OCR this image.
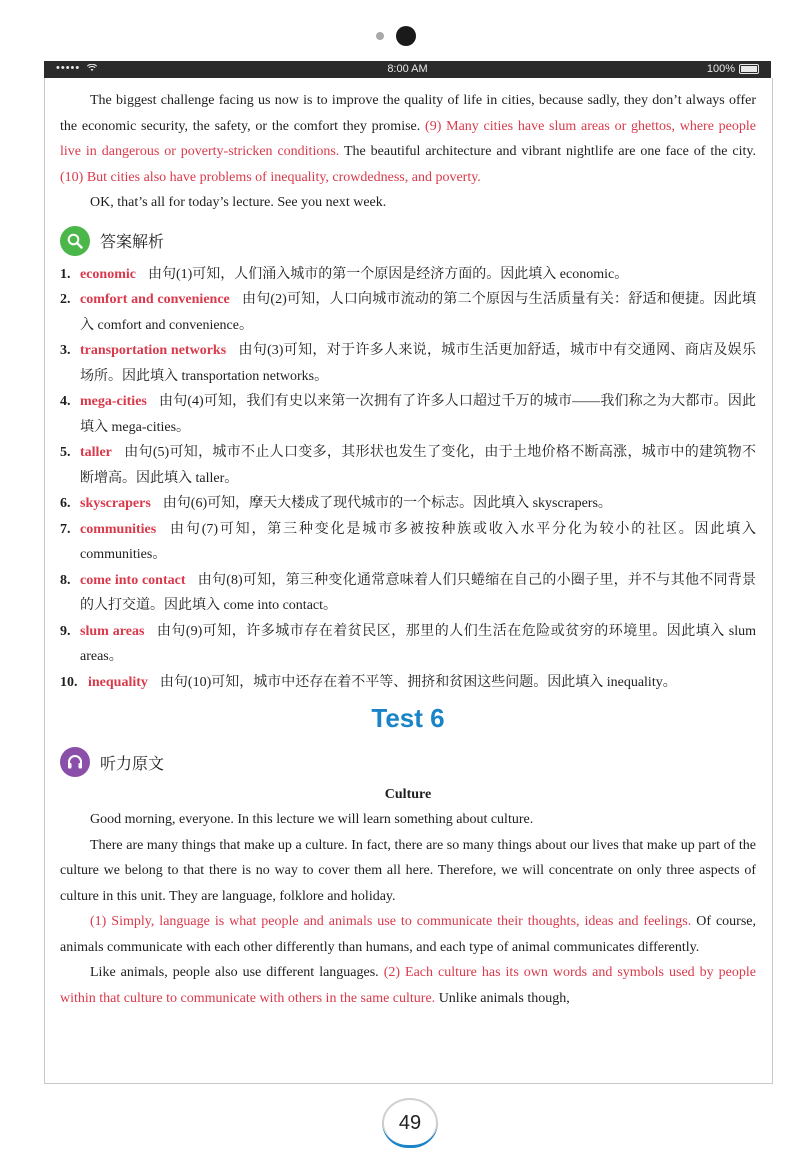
•••••	8:00 AM	100%

The biggest challenge facing us now is to improve the quality of life in cities, because sadly, they don’t always offer the economic security, the safety, or the comfort they promise. (9) Many cities have slum areas or ghettos, where people live in dangerous or poverty-stricken conditions. The beautiful architecture and vibrant nightlife are one face of the city. (10) But cities also have problems of inequality, crowdedness, and poverty.

OK, that’s all for today’s lecture. See you next week.

答案解析
1. economic 由句(1)可知，人们涌入城市的第一个原因是经济方面的。因此填入 economic。
2. comfort and convenience 由句(2)可知，人口向城市流动的第二个原因与生活质量有关：舒适和便捷。因此填入 comfort and convenience。
3. transportation networks 由句(3)可知，对于许多人来说，城市生活更加舒适，城市中有交通网、商店及娱乐场所。因此填入 transportation networks。
4. mega-cities 由句(4)可知，我们有史以来第一次拥有了许多人口超过千万的城市——我们称之为大都市。因此填入 mega-cities。
5. taller 由句(5)可知，城市不止人口变多，其形状也发生了变化，由于土地价格不断高涨，城市中的建筑物不断增高。因此填入 taller。
6. skyscrapers 由句(6)可知，摩天大楼成了现代城市的一个标志。因此填入 skyscrapers。
7. communities 由句(7)可知，第三种变化是城市多被按种族或收入水平分化为较小的社区。因此填入 communities。
8. come into contact 由句(8)可知，第三种变化通常意味着人们只蜷缩在自己的小圈子里，并不与其他不同背景的人打交道。因此填入 come into contact。
9. slum areas 由句(9)可知，许多城市存在着贫民区，那里的人们生活在危险或贫穷的环境里。因此填入 slum areas。
10. inequality 由句(10)可知，城市中还存在着不平等、拥挤和贫困这些问题。因此填入 inequality。
Test 6
听力原文
Culture

Good morning, everyone. In this lecture we will learn something about culture.

There are many things that make up a culture. In fact, there are so many things about our lives that make up part of the culture we belong to that there is no way to cover them all here. Therefore, we will concentrate on only three aspects of culture in this unit. They are language, folklore and holiday.

(1) Simply, language is what people and animals use to communicate their thoughts, ideas and feelings. Of course, animals communicate with each other differently than humans, and each type of animal communicates differently.

Like animals, people also use different languages. (2) Each culture has its own words and symbols used by people within that culture to communicate with others in the same culture. Unlike animals though,

49
